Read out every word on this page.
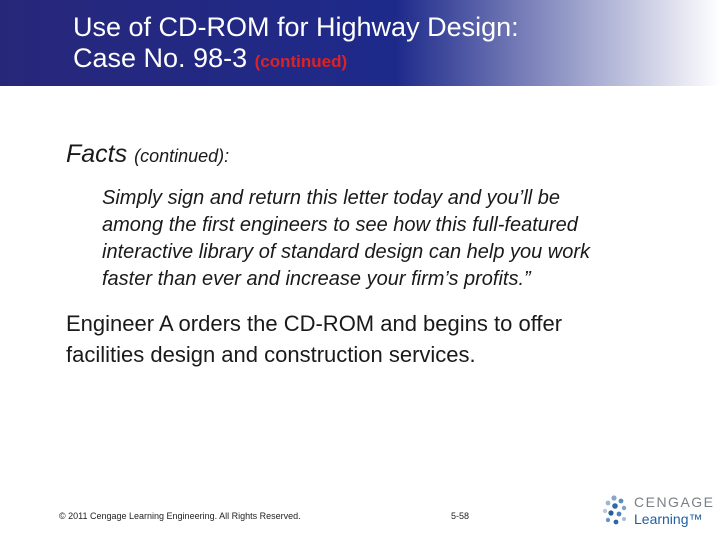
Use of CD-ROM for Highway Design:
Case No. 98-3 (continued)
Facts (continued):
Simply sign and return this letter today and you’ll be
among the first engineers to see how this full-featured
interactive library of standard design can help you work
faster than ever and increase your firm’s profits.”
Engineer A orders the CD-ROM and begins to offer
facilities design and construction services.
© 2011 Cengage Learning Engineering. All Rights Reserved.	5-58
CENGAGE
Learning™
